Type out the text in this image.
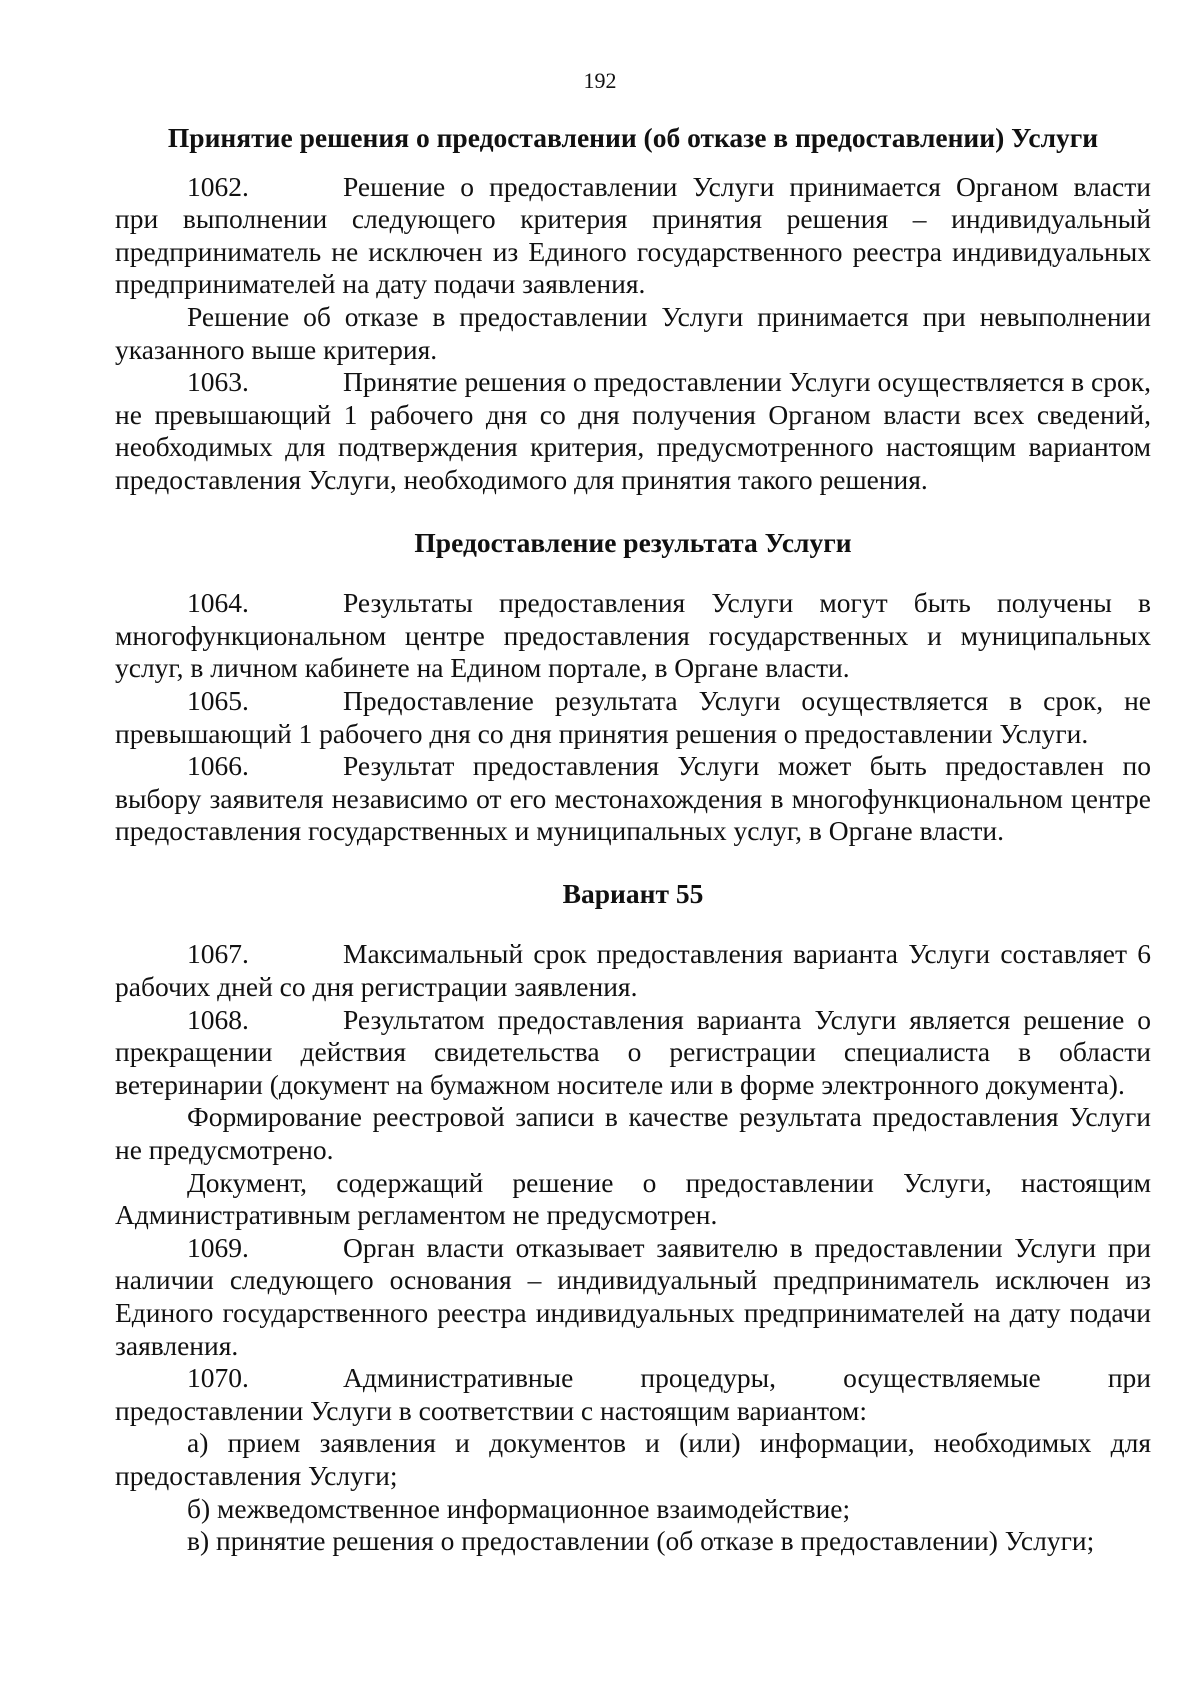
192
Принятие решения о предоставлении (об отказе в предоставлении) Услуги

1062.	Решение о предоставлении Услуги принимается Органом власти при выполнении следующего критерия принятия решения – индивидуальный предприниматель не исключен из Единого государственного реестра индивидуальных предпринимателей на дату подачи заявления.

Решение об отказе в предоставлении Услуги принимается при невыполнении указанного выше критерия.

1063.	Принятие решения о предоставлении Услуги осуществляется в срок, не превышающий 1 рабочего дня со дня получения Органом власти всех сведений, необходимых для подтверждения критерия, предусмотренного настоящим вариантом предоставления Услуги, необходимого для принятия такого решения.

Предоставление результата Услуги

1064.	Результаты предоставления Услуги могут быть получены в многофункциональном центре предоставления государственных и муниципальных услуг, в личном кабинете на Едином портале, в Органе власти.

1065.	Предоставление результата Услуги осуществляется в срок, не превышающий 1 рабочего дня со дня принятия решения о предоставлении Услуги.

1066.	Результат предоставления Услуги может быть предоставлен по выбору заявителя независимо от его местонахождения в многофункциональном центре предоставления государственных и муниципальных услуг, в Органе власти.

Вариант 55

1067.	Максимальный срок предоставления варианта Услуги составляет 6 рабочих дней со дня регистрации заявления.

1068.	Результатом предоставления варианта Услуги является решение о прекращении действия свидетельства о регистрации специалиста в области ветеринарии (документ на бумажном носителе или в форме электронного документа).

Формирование реестровой записи в качестве результата предоставления Услуги не предусмотрено.

Документ, содержащий решение о предоставлении Услуги, настоящим Административным регламентом не предусмотрен.

1069.	Орган власти отказывает заявителю в предоставлении Услуги при наличии следующего основания – индивидуальный предприниматель исключен из Единого государственного реестра индивидуальных предпринимателей на дату подачи заявления.

1070.	Административные процедуры, осуществляемые при предоставлении Услуги в соответствии с настоящим вариантом:

а) прием заявления и документов и (или) информации, необходимых для предоставления Услуги;

б) межведомственное информационное взаимодействие;

в) принятие решения о предоставлении (об отказе в предоставлении) Услуги;
